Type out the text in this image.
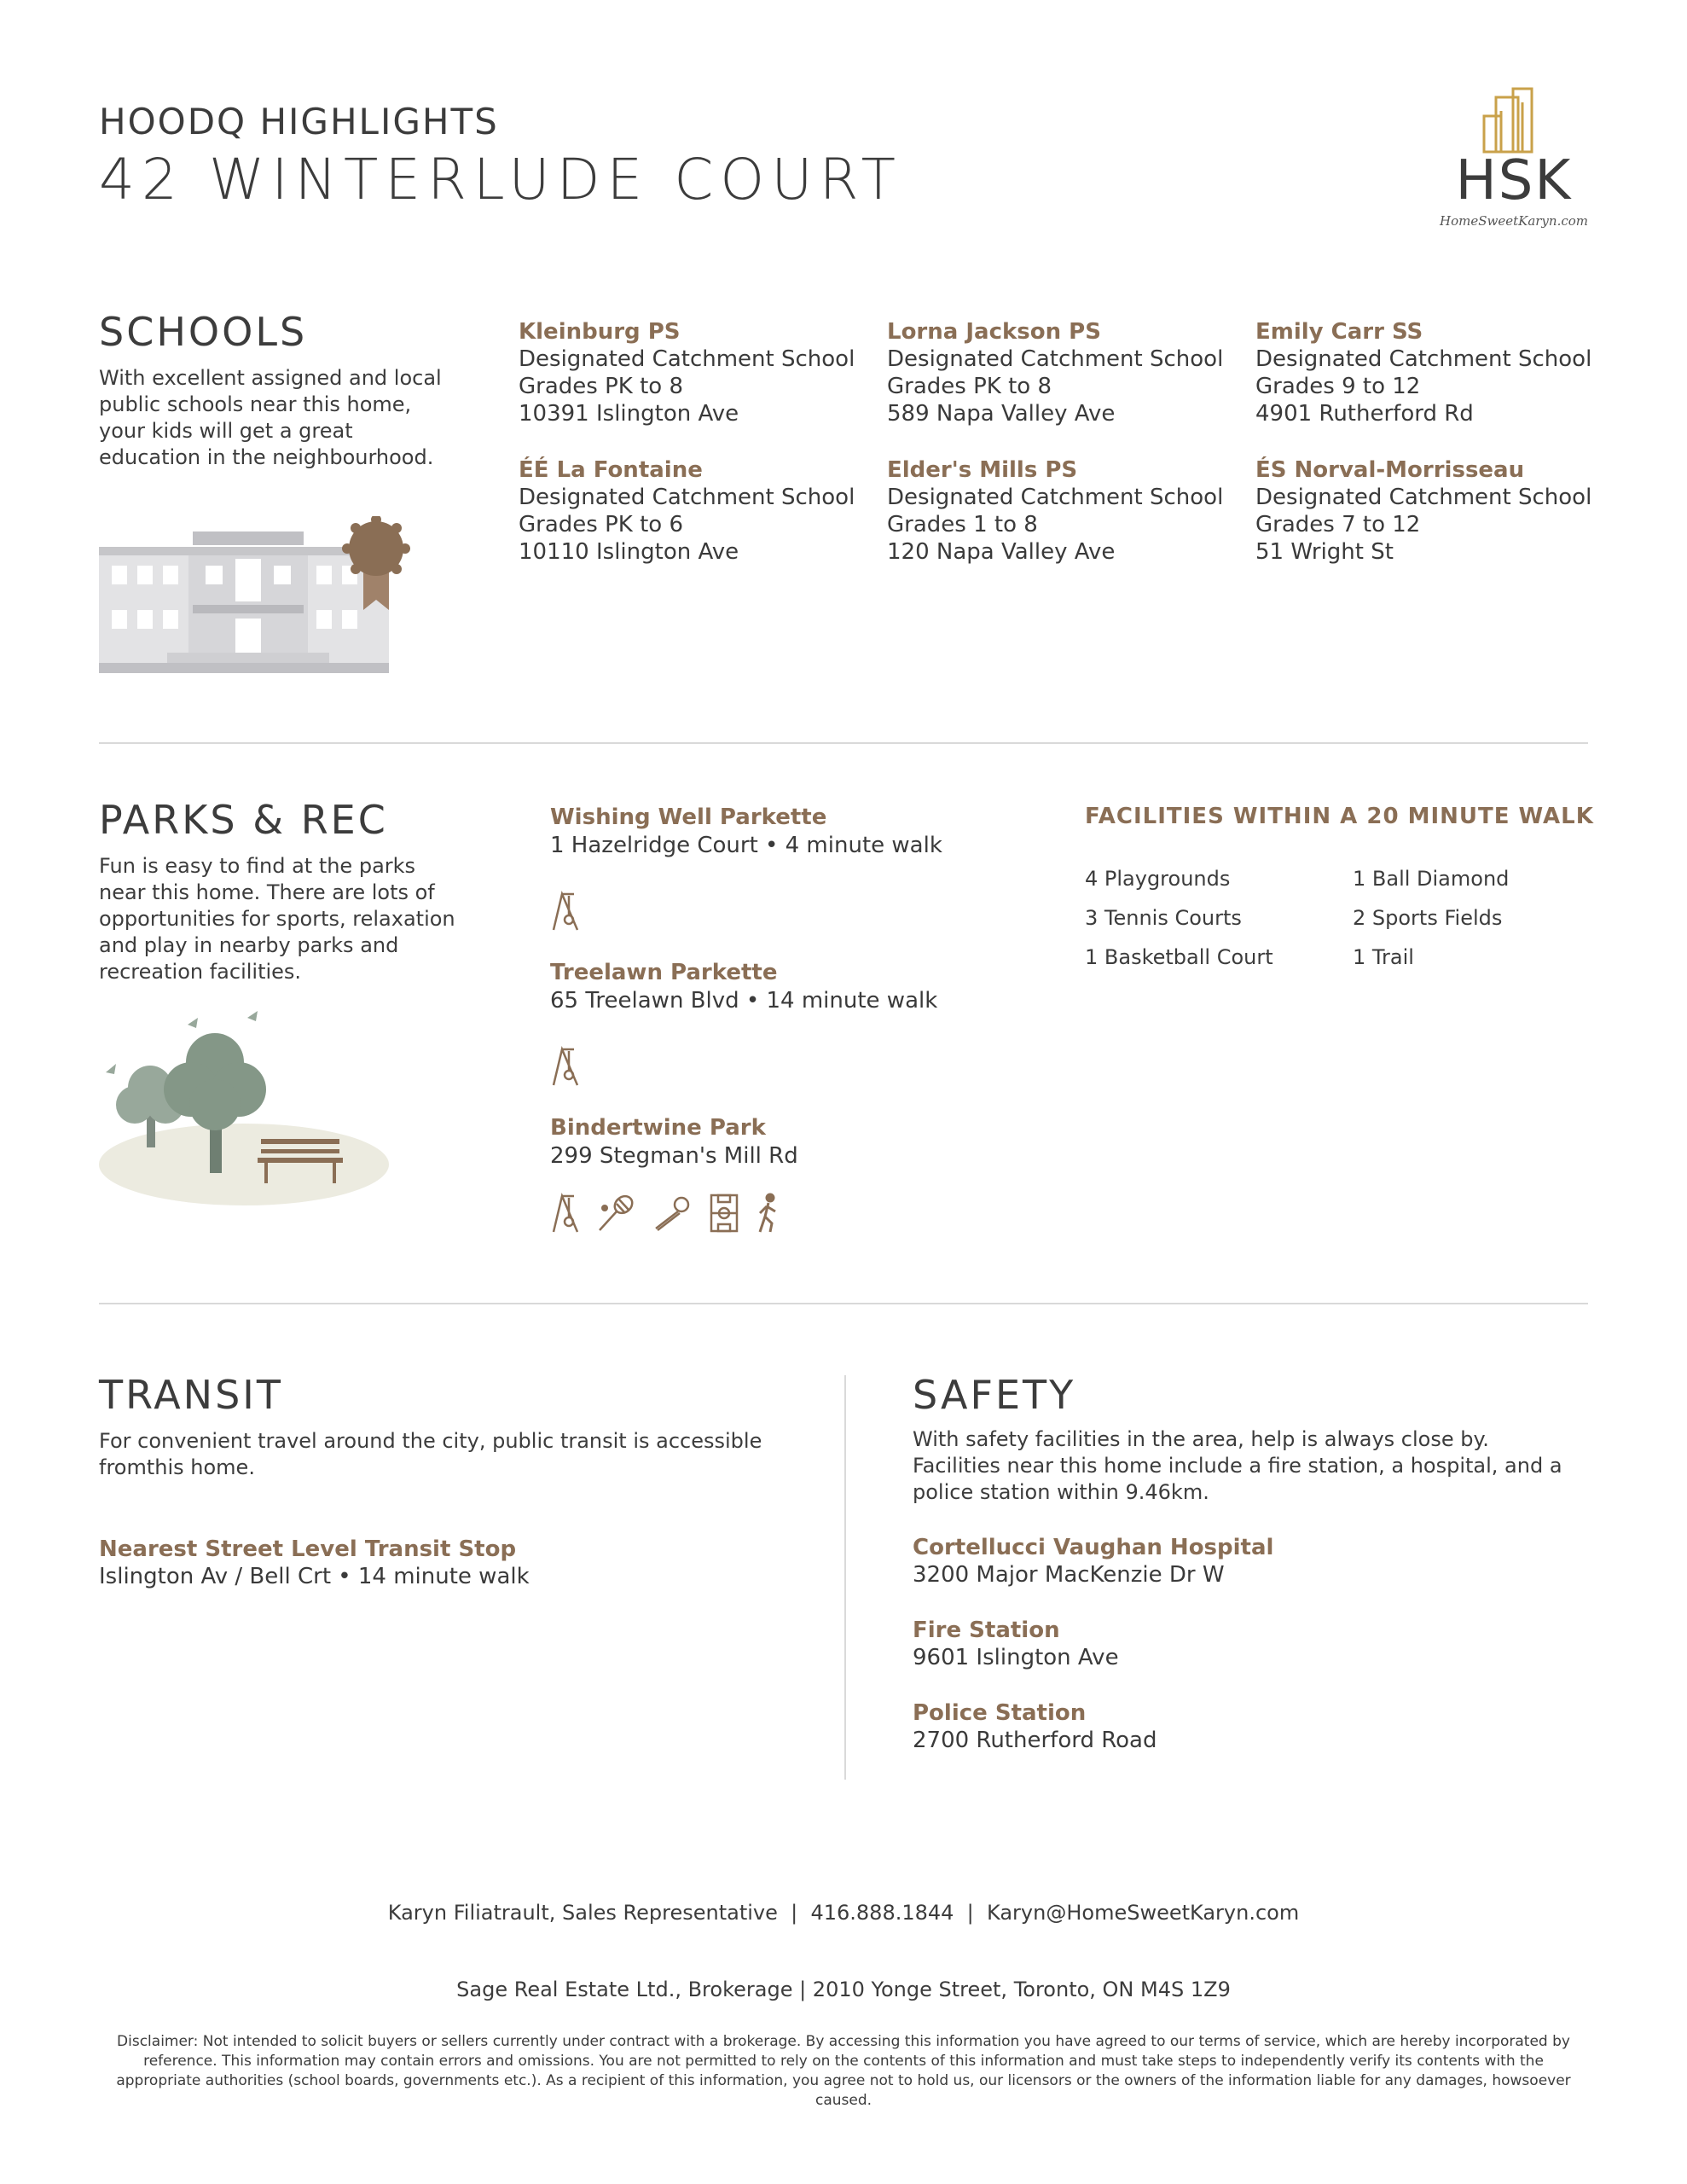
HOODQ HIGHLIGHTS
42 WINTERLUDE COURT	HSK
HomeSweetKaryn.com
SCHOOLS
With excellent assigned and local public schools near this home, your kids will get a great education in the neighbourhood.
Kleinburg PS
Designated Catchment School
Grades PK to 8
10391 Islington Ave
Lorna Jackson PS
Designated Catchment School
Grades PK to 8
589 Napa Valley Ave
Emily Carr SS
Designated Catchment School
Grades 9 to 12
4901 Rutherford Rd
ÉÉ La Fontaine
Designated Catchment School
Grades PK to 6
10110 Islington Ave
Elder's Mills PS
Designated Catchment School
Grades 1 to 8
120 Napa Valley Ave
ÉS Norval-Morrisseau
Designated Catchment School
Grades 7 to 12
51 Wright St
PARKS & REC
Fun is easy to find at the parks near this home. There are lots of opportunities for sports, relaxation and play in nearby parks and recreation facilities.
Wishing Well Parkette
1 Hazelridge Court • 4 minute walk
Treelawn Parkette
65 Treelawn Blvd • 14 minute walk
Bindertwine Park
299 Stegman's Mill Rd
FACILITIES WITHIN A 20 MINUTE WALK
4 Playgrounds	1 Ball Diamond
3 Tennis Courts	2 Sports Fields
1 Basketball Court	1 Trail
TRANSIT
For convenient travel around the city, public transit is accessible fromthis home.
Nearest Street Level Transit Stop
Islington Av / Bell Crt • 14 minute walk
SAFETY
With safety facilities in the area, help is always close by. Facilities near this home include a fire station, a hospital, and a police station within 9.46km.
Cortellucci Vaughan Hospital
3200 Major MacKenzie Dr W
Fire Station
9601 Islington Ave
Police Station
2700 Rutherford Road
Karyn Filiatrault, Sales Representative  |  416.888.1844  |  Karyn@HomeSweetKaryn.com
Sage Real Estate Ltd., Brokerage | 2010 Yonge Street, Toronto, ON M4S 1Z9
Disclaimer: Not intended to solicit buyers or sellers currently under contract with a brokerage. By accessing this information you have agreed to our terms of service, which are hereby incorporated by reference. This information may contain errors and omissions. You are not permitted to rely on the contents of this information and must take steps to independently verify its contents with the appropriate authorities (school boards, governments etc.). As a recipient of this information, you agree not to hold us, our licensors or the owners of the information liable for any damages, howsoever caused.
